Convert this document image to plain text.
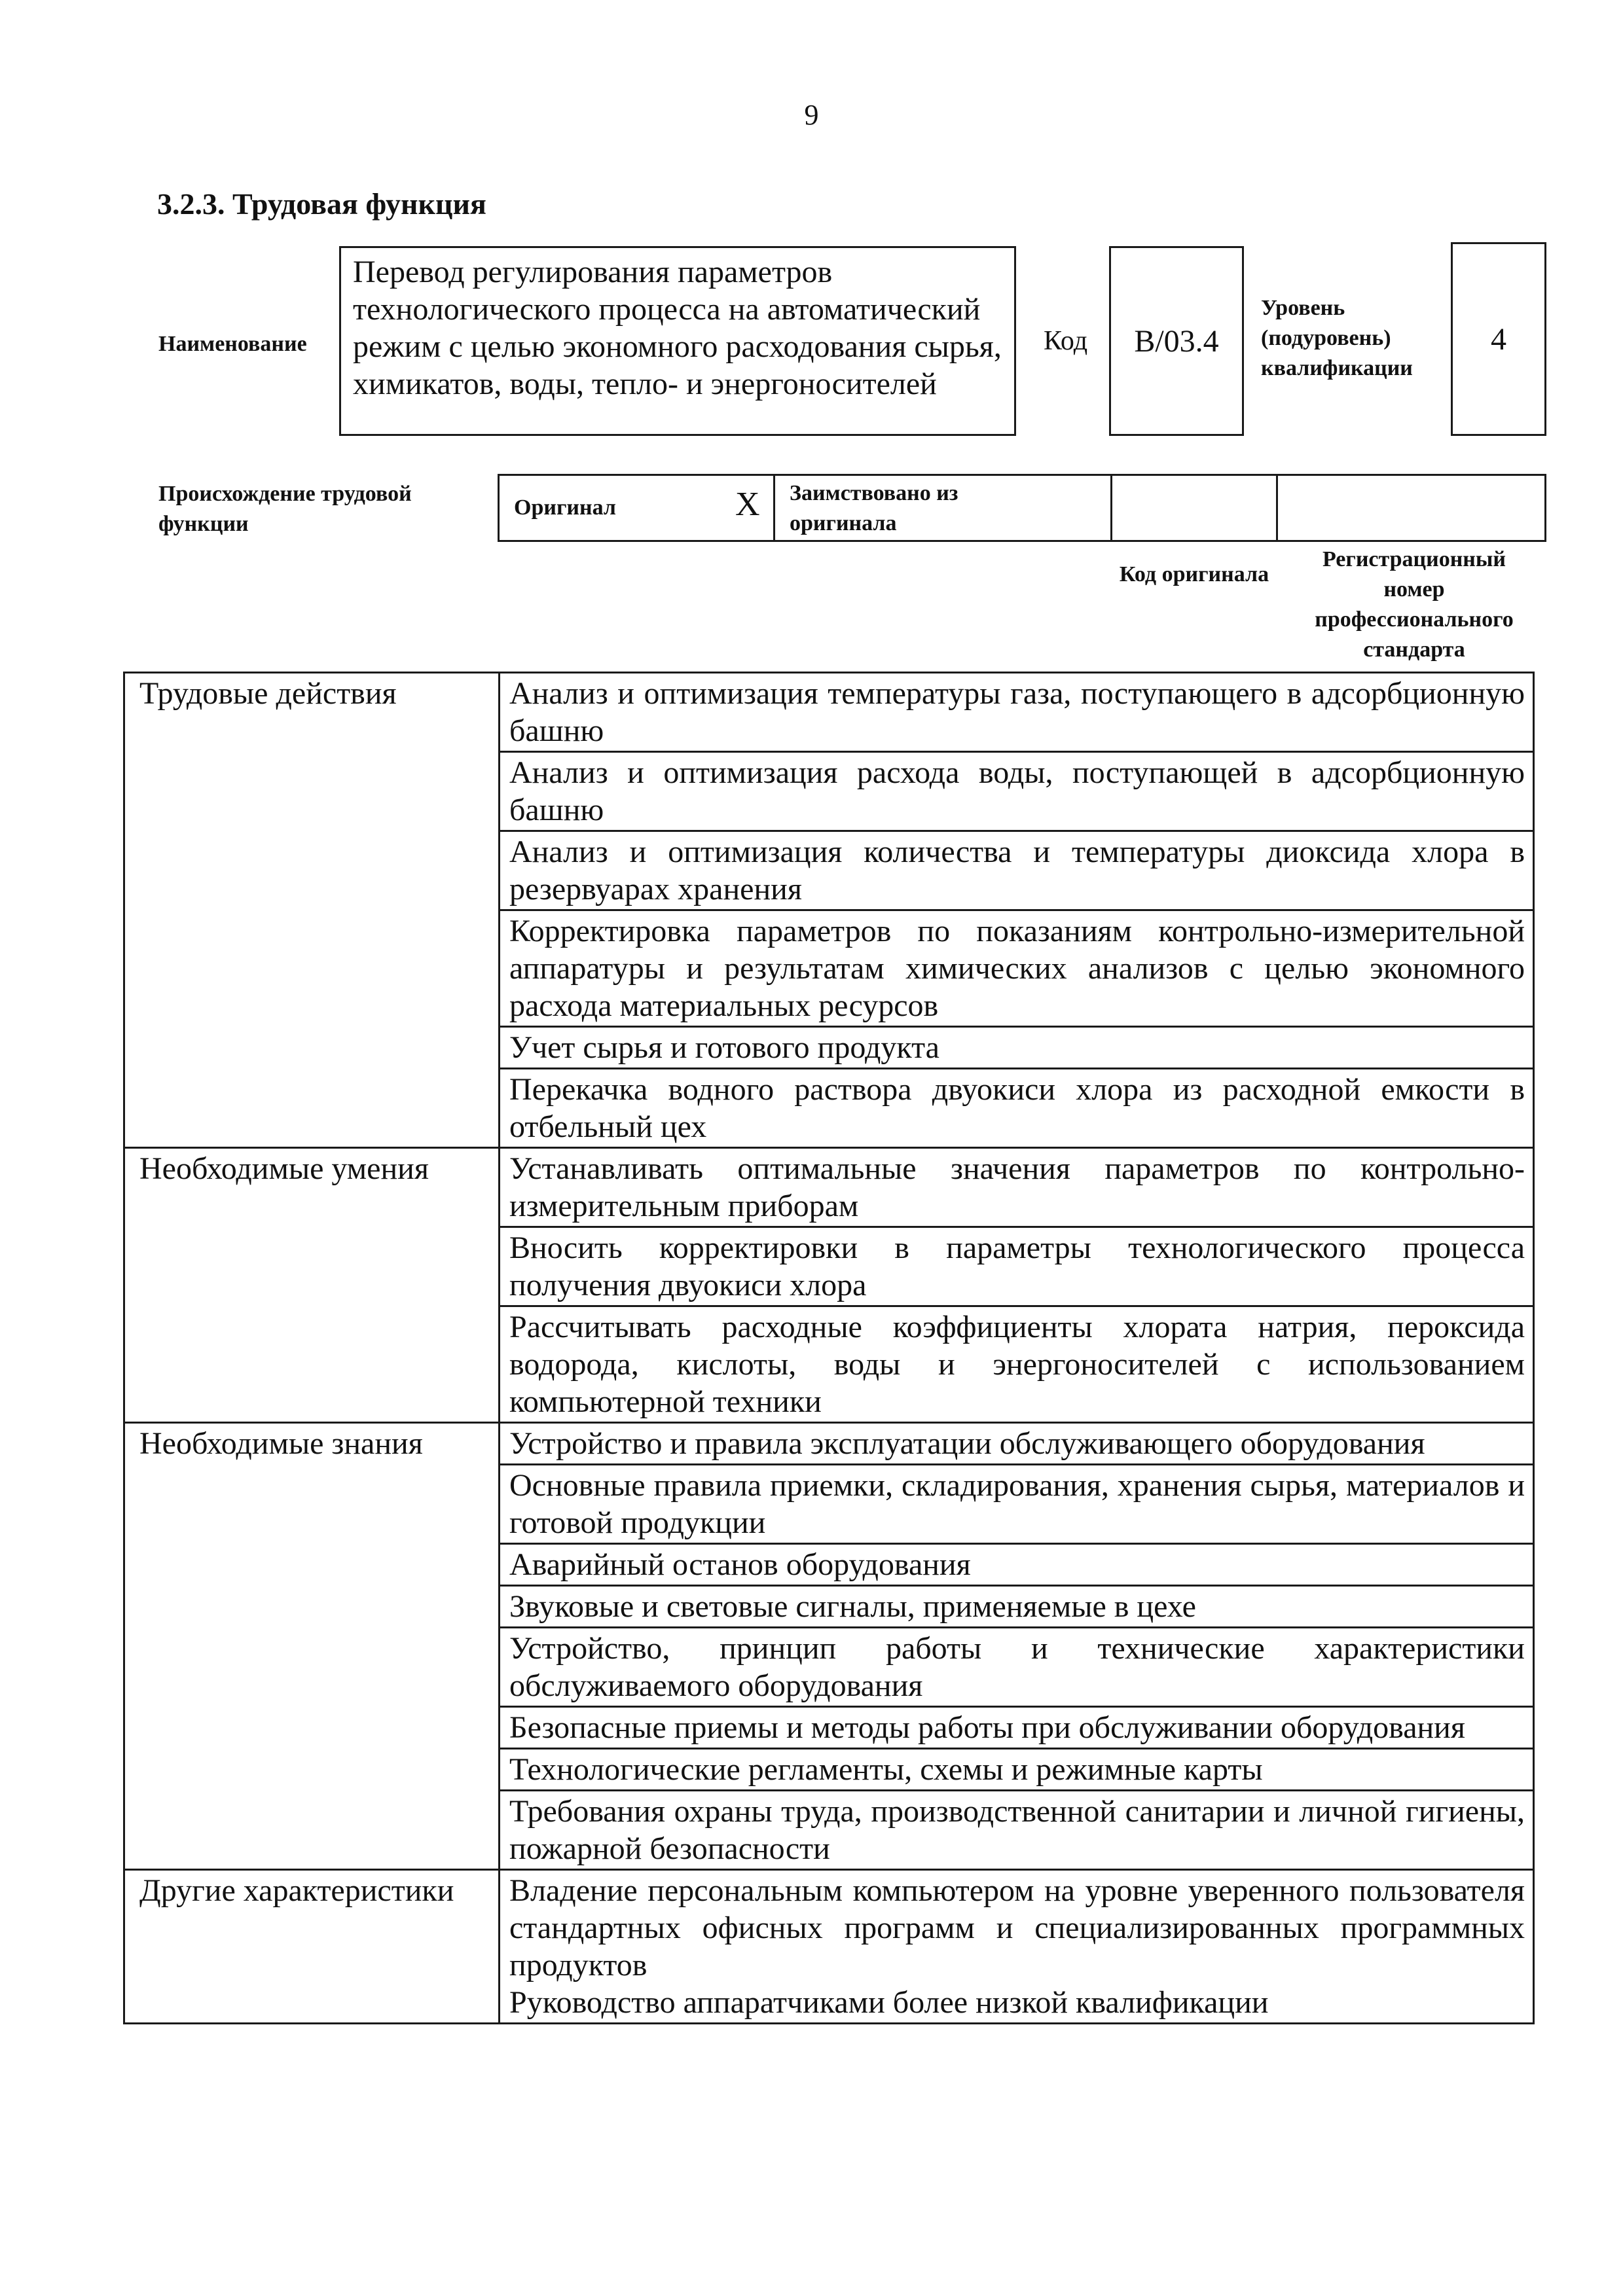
9
3.2.3. Трудовая функция
Наименование
Перевод регулирования параметров технологического процесса на автоматический режим с целью экономного расходования сырья, химикатов, воды, тепло- и энергоносителей
Код B/03.4
Уровень (подуровень) квалификации
4
Происхождение трудовой функции
Оригинал	X Заимствовано из оригинала
Код оригинала
Регистрационный номер профессионального стандарта
Трудовые действия	Анализ и оптимизация температуры газа, поступающего в адсорбционную башню
	Анализ и оптимизация расхода воды, поступающей в адсорбционную башню
	Анализ и оптимизация количества и температуры диоксида хлора в резервуарах хранения
	Корректировка параметров по показаниям контрольно-измерительной аппаратуры и результатам химических анализов с целью экономного расхода материальных ресурсов
	Учет сырья и готового продукта
	Перекачка водного раствора двуокиси хлора из расходной емкости в отбельный цех
Необходимые умения	Устанавливать оптимальные значения параметров по контрольно-измерительным приборам
	Вносить корректировки в параметры технологического процесса получения двуокиси хлора
	Рассчитывать расходные коэффициенты хлората натрия, пероксида водорода, кислоты, воды и энергоносителей с использованием компьютерной техники
Необходимые знания	Устройство и правила эксплуатации обслуживающего оборудования
	Основные правила приемки, складирования, хранения сырья, материалов и готовой продукции
	Аварийный останов оборудования
	Звуковые и световые сигналы, применяемые в цехе
	Устройство, принцип работы и технические характеристики обслуживаемого оборудования
	Безопасные приемы и методы работы при обслуживании оборудования
	Технологические регламенты, схемы и режимные карты
	Требования охраны труда, производственной санитарии и личной гигиены, пожарной безопасности
Другие характеристики	Владение персональным компьютером на уровне уверенного пользователя стандартных офисных программ и специализированных программных продуктов
Руководство аппаратчиками более низкой квалификации
